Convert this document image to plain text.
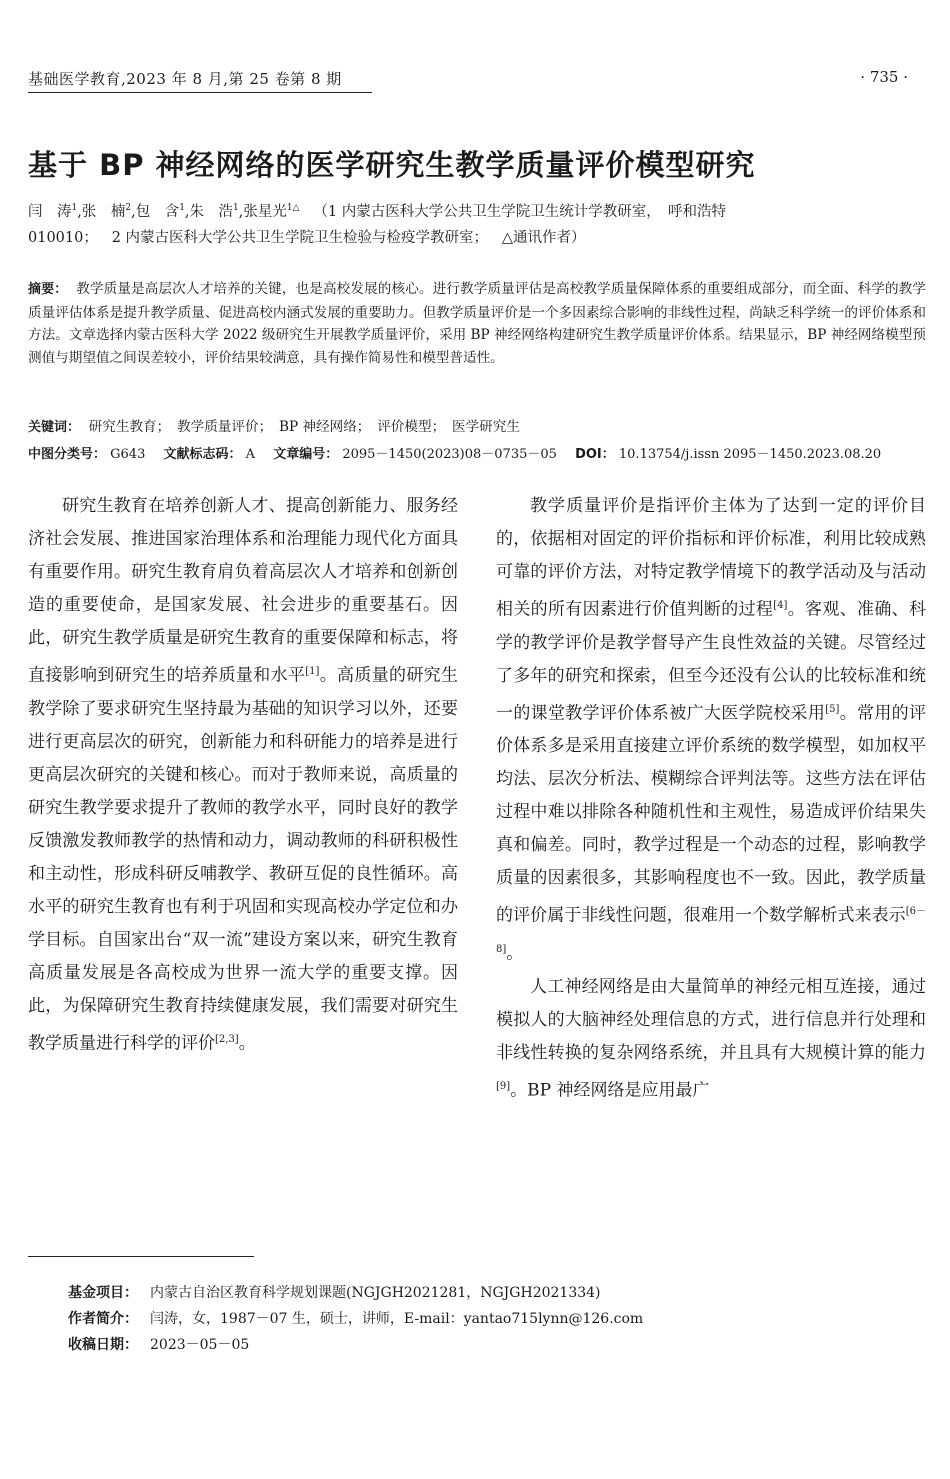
基础医学教育,2023 年 8 月,第 25 卷第 8 期	· 735 ·
基于 BP 神经网络的医学研究生教学质量评价模型研究
闫　涛$^1$,张　楠$^2$,包　含$^1$,朱　浩$^1$,张星光$^{1\triangle}$ （1 内蒙古医科大学公共卫生学院卫生统计学教研室，　呼和浩特
010010； 2 内蒙古医科大学公共卫生学院卫生检验与检疫学教研室； △通讯作者）
摘要： 教学质量是高层次人才培养的关键，也是高校发展的核心。进行教学质量评估是高校教学质量保障体系的重要组成部分，而全面、科学的教学质量评估体系是提升教学质量、促进高校内涵式发展的重要助力。但教学质量评价是一个多因素综合影响的非线性过程，尚缺乏科学统一的评价体系和方法。文章选择内蒙古医科大学 2022 级研究生开展教学质量评价，采用 BP 神经网络构建研究生教学质量评价体系。结果显示，BP 神经网络模型预测值与期望值之间误差较小，评价结果较满意，具有操作简易性和模型普适性。
关键词： 研究生教育；　教学质量评价；　BP 神经网络；　评价模型；　医学研究生
中图分类号： G643 文献标志码： A 文章编号： 2095－1450(2023)08－0735－05 DOI： 10.13754/j.issn 2095－1450.2023.08.20

研究生教育在培养创新人才、提高创新能力、服务经济社会发展、推进国家治理体系和治理能力现代化方面具有重要作用。研究生教育肩负着高层次人才培养和创新创造的重要使命，是国家发展、社会进步的重要基石。因此，研究生教学质量是研究生教育的重要保障和标志，将直接影响到研究生的培养质量和水平[1]。高质量的研究生教学除了要求研究生坚持最为基础的知识学习以外，还要进行更高层次的研究，创新能力和科研能力的培养是进行更高层次研究的关键和核心。而对于教师来说，高质量的研究生教学要求提升了教师的教学水平，同时良好的教学反馈激发教师教学的热情和动力，调动教师的科研积极性和主动性，形成科研反哺教学、教研互促的良性循环。高水平的研究生教育也有利于巩固和实现高校办学定位和办学目标。自国家出台“双一流”建设方案以来，研究生教育高质量发展是各高校成为世界一流大学的重要支撑。因此，为保障研究生教育持续健康发展，我们需要对研究生教学质量进行科学的评价[2,3]。

教学质量评价是指评价主体为了达到一定的评价目的，依据相对固定的评价指标和评价标准，利用比较成熟可靠的评价方法，对特定教学情境下的教学活动及与活动相关的所有因素进行价值判断的过程[4]。客观、准确、科学的教学评价是教学督导产生良性效益的关键。尽管经过了多年的研究和探索，但至今还没有公认的比较标准和统一的课堂教学评价体系被广大医学院校采用[5]。常用的评价体系多是采用直接建立评价系统的数学模型，如加权平均法、层次分析法、模糊综合评判法等。这些方法在评估过程中难以排除各种随机性和主观性，易造成评价结果失真和偏差。同时，教学过程是一个动态的过程，影响教学质量的因素很多，其影响程度也不一致。因此，教学质量的评价属于非线性问题，很难用一个数学解析式来表示[6－8]。

人工神经网络是由大量简单的神经元相互连接，通过模拟人的大脑神经处理信息的方式，进行信息并行处理和非线性转换的复杂网络系统，并且具有大规模计算的能力[9]。BP 神经网络是应用最广

基金项目： 内蒙古自治区教育科学规划课题(NGJGH2021281，NGJGH2021334)
作者简介： 闫涛，女，1987－07 生，硕士，讲师，E-mail：yantao715lynn@126.com
收稿日期： 2023－05－05
